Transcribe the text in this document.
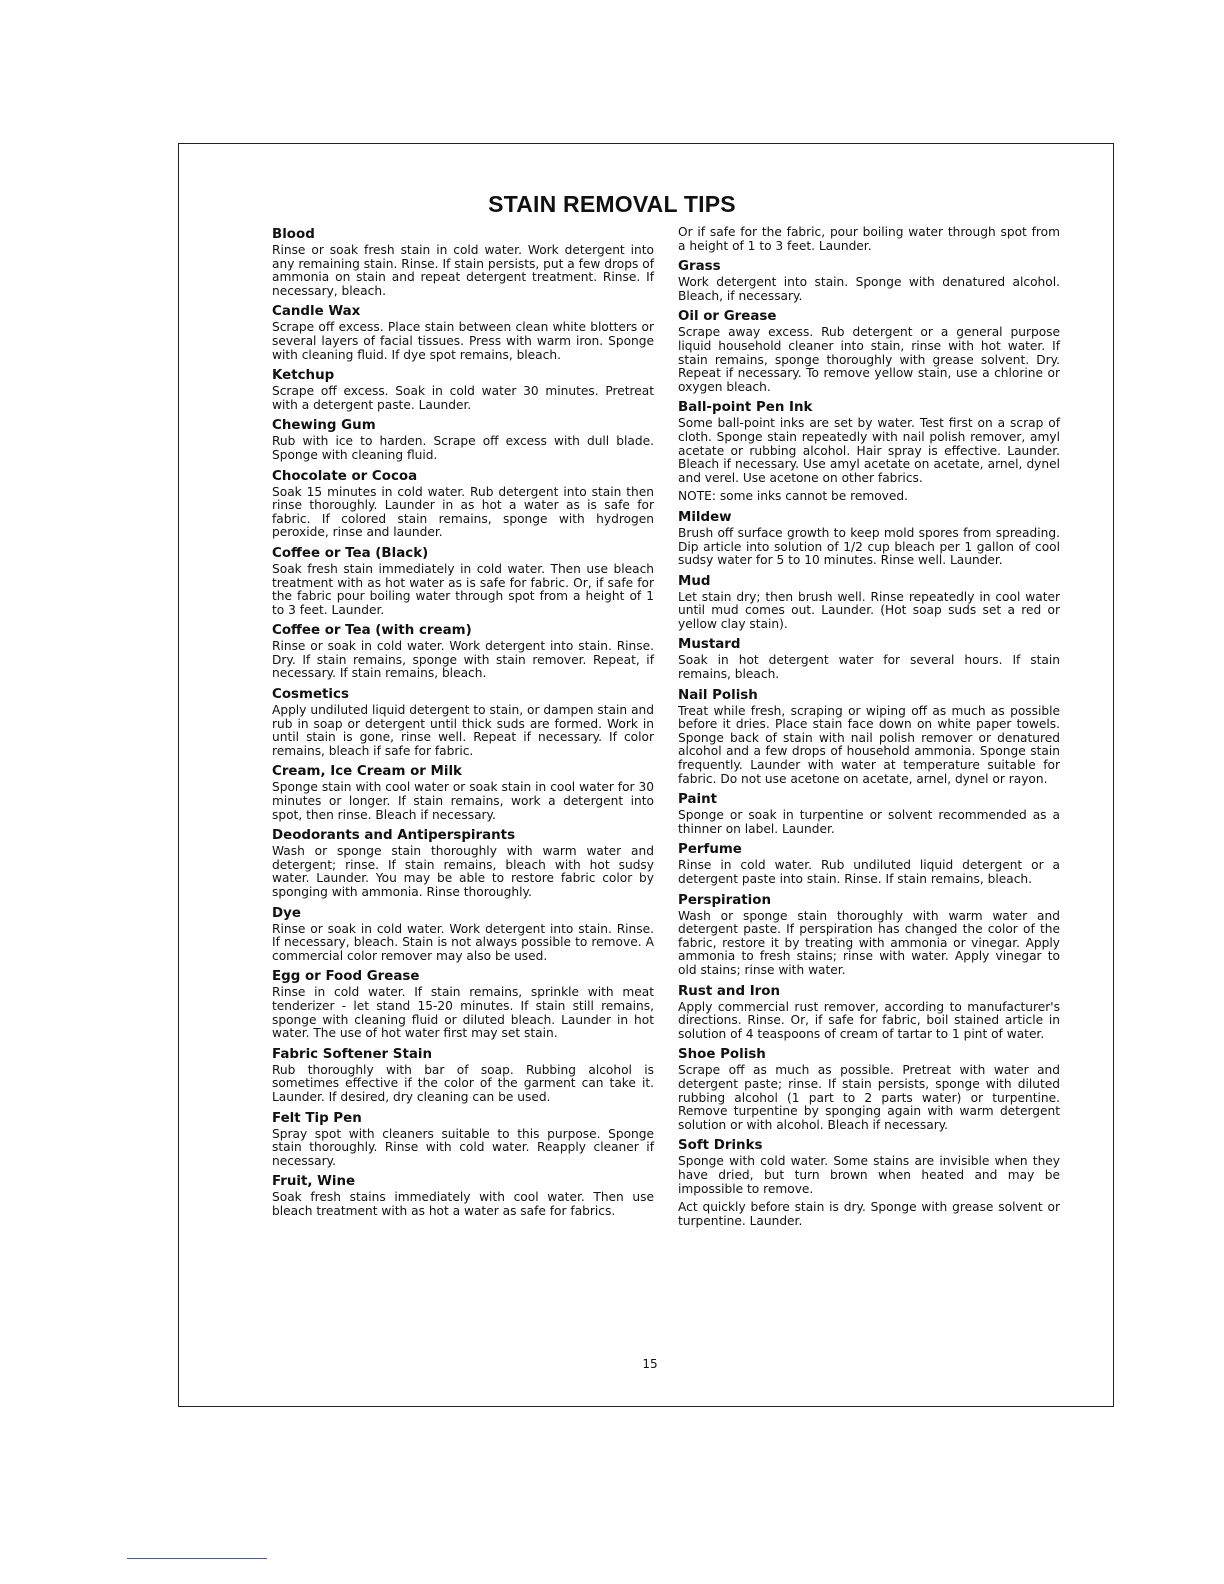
STAIN REMOVAL TIPS
Blood
Rinse or soak fresh stain in cold water. Work detergent into any remaining stain. Rinse. If stain persists, put a few drops of ammonia on stain and repeat detergent treatment. Rinse. If necessary, bleach.
Candle Wax
Scrape off excess. Place stain between clean white blotters or several layers of facial tissues. Press with warm iron. Sponge with cleaning fluid. If dye spot remains, bleach.
Ketchup
Scrape off excess. Soak in cold water 30 minutes. Pretreat with a detergent paste. Launder.
Chewing Gum
Rub with ice to harden. Scrape off excess with dull blade. Sponge with cleaning fluid.
Chocolate or Cocoa
Soak 15 minutes in cold water. Rub detergent into stain then rinse thoroughly. Launder in as hot a water as is safe for fabric. If colored stain remains, sponge with hydrogen peroxide, rinse and launder.
Coffee or Tea (Black)
Soak fresh stain immediately in cold water. Then use bleach treatment with as hot water as is safe for fabric. Or, if safe for the fabric pour boiling water through spot from a height of 1 to 3 feet. Launder.
Coffee or Tea (with cream)
Rinse or soak in cold water. Work detergent into stain. Rinse. Dry. If stain remains, sponge with stain remover. Repeat, if necessary. If stain remains, bleach.
Cosmetics
Apply undiluted liquid detergent to stain, or dampen stain and rub in soap or detergent until thick suds are formed. Work in until stain is gone, rinse well. Repeat if necessary. If color remains, bleach if safe for fabric.
Cream, Ice Cream or Milk
Sponge stain with cool water or soak stain in cool water for 30 minutes or longer. If stain remains, work a detergent into spot, then rinse. Bleach if necessary.
Deodorants and Antiperspirants
Wash or sponge stain thoroughly with warm water and detergent; rinse. If stain remains, bleach with hot sudsy water. Launder. You may be able to restore fabric color by sponging with ammonia. Rinse thoroughly.
Dye
Rinse or soak in cold water. Work detergent into stain. Rinse. If necessary, bleach. Stain is not always possible to remove. A commercial color remover may also be used.
Egg or Food Grease
Rinse in cold water. If stain remains, sprinkle with meat tenderizer - let stand 15-20 minutes. If stain still remains, sponge with cleaning fluid or diluted bleach. Launder in hot water. The use of hot water first may set stain.
Fabric Softener Stain
Rub thoroughly with bar of soap. Rubbing alcohol is sometimes effective if the color of the garment can take it. Launder. If desired, dry cleaning can be used.
Felt Tip Pen
Spray spot with cleaners suitable to this purpose. Sponge stain thoroughly. Rinse with cold water. Reapply cleaner if necessary.
Fruit, Wine
Soak fresh stains immediately with cool water. Then use bleach treatment with as hot a water as safe for fabrics.
Or if safe for the fabric, pour boiling water through spot from a height of 1 to 3 feet. Launder.
Grass
Work detergent into stain. Sponge with denatured alcohol. Bleach, if necessary.
Oil or Grease
Scrape away excess. Rub detergent or a general purpose liquid household cleaner into stain, rinse with hot water. If stain remains, sponge thoroughly with grease solvent. Dry. Repeat if necessary. To remove yellow stain, use a chlorine or oxygen bleach.
Ball-point Pen Ink
Some ball-point inks are set by water. Test first on a scrap of cloth. Sponge stain repeatedly with nail polish remover, amyl acetate or rubbing alcohol. Hair spray is effective. Launder. Bleach if necessary. Use amyl acetate on acetate, arnel, dynel and verel. Use acetone on other fabrics.
NOTE: some inks cannot be removed.
Mildew
Brush off surface growth to keep mold spores from spreading. Dip article into solution of 1/2 cup bleach per 1 gallon of cool sudsy water for 5 to 10 minutes. Rinse well. Launder.
Mud
Let stain dry; then brush well. Rinse repeatedly in cool water until mud comes out. Launder. (Hot soap suds set a red or yellow clay stain).
Mustard
Soak in hot detergent water for several hours. If stain remains, bleach.
Nail Polish
Treat while fresh, scraping or wiping off as much as possible before it dries. Place stain face down on white paper towels. Sponge back of stain with nail polish remover or denatured alcohol and a few drops of household ammonia. Sponge stain frequently. Launder with water at temperature suitable for fabric. Do not use acetone on acetate, arnel, dynel or rayon.
Paint
Sponge or soak in turpentine or solvent recommended as a thinner on label. Launder.
Perfume
Rinse in cold water. Rub undiluted liquid detergent or a detergent paste into stain. Rinse. If stain remains, bleach.
Perspiration
Wash or sponge stain thoroughly with warm water and detergent paste. If perspiration has changed the color of the fabric, restore it by treating with ammonia or vinegar. Apply ammonia to fresh stains; rinse with water. Apply vinegar to old stains; rinse with water.
Rust and Iron
Apply commercial rust remover, according to manufacturer's directions. Rinse. Or, if safe for fabric, boil stained article in solution of 4 teaspoons of cream of tartar to 1 pint of water.
Shoe Polish
Scrape off as much as possible. Pretreat with water and detergent paste; rinse. If stain persists, sponge with diluted rubbing alcohol (1 part to 2 parts water) or turpentine. Remove turpentine by sponging again with warm detergent solution or with alcohol. Bleach if necessary.
Soft Drinks
Sponge with cold water. Some stains are invisible when they have dried, but turn brown when heated and may be impossible to remove.
Act quickly before stain is dry. Sponge with grease solvent or turpentine. Launder.
15
